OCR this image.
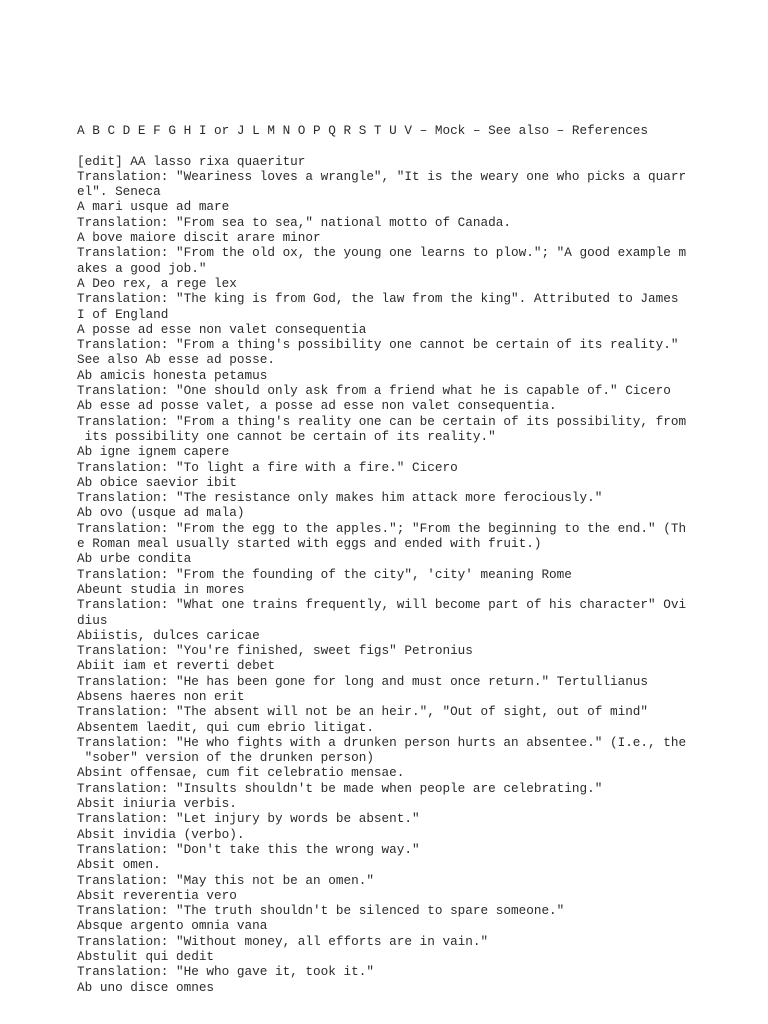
A B C D E F G H I or J L M N O P Q R S T U V – Mock – See also – References
[edit] AA lasso rixa quaeritur
Translation: "Weariness loves a wrangle", "It is the weary one who picks a quarr
el". Seneca
A mari usque ad mare
Translation: "From sea to sea," national motto of Canada.
A bove maiore discit arare minor
Translation: "From the old ox, the young one learns to plow."; "A good example m
akes a good job."
A Deo rex, a rege lex
Translation: "The king is from God, the law from the king". Attributed to James
I of England
A posse ad esse non valet consequentia
Translation: "From a thing's possibility one cannot be certain of its reality."
See also Ab esse ad posse.
Ab amicis honesta petamus
Translation: "One should only ask from a friend what he is capable of." Cicero
Ab esse ad posse valet, a posse ad esse non valet consequentia.
Translation: "From a thing's reality one can be certain of its possibility, from
its possibility one cannot be certain of its reality."
Ab igne ignem capere
Translation: "To light a fire with a fire." Cicero
Ab obice saevior ibit
Translation: "The resistance only makes him attack more ferociously."
Ab ovo (usque ad mala)
Translation: "From the egg to the apples."; "From the beginning to the end." (Th
e Roman meal usually started with eggs and ended with fruit.)
Ab urbe condita
Translation: "From the founding of the city", 'city' meaning Rome
Abeunt studia in mores
Translation: "What one trains frequently, will become part of his character" Ovi
dius
Abiistis, dulces caricae
Translation: "You're finished, sweet figs" Petronius
Abiit iam et reverti debet
Translation: "He has been gone for long and must once return." Tertullianus
Absens haeres non erit
Translation: "The absent will not be an heir.", "Out of sight, out of mind"
Absentem laedit, qui cum ebrio litigat.
Translation: "He who fights with a drunken person hurts an absentee." (I.e., the
"sober" version of the drunken person)
Absint offensae, cum fit celebratio mensae.
Translation: "Insults shouldn't be made when people are celebrating."
Absit iniuria verbis.
Translation: "Let injury by words be absent."
Absit invidia (verbo).
Translation: "Don't take this the wrong way."
Absit omen.
Translation: "May this not be an omen."
Absit reverentia vero
Translation: "The truth shouldn't be silenced to spare someone."
Absque argento omnia vana
Translation: "Without money, all efforts are in vain."
Abstulit qui dedit
Translation: "He who gave it, took it."
Ab uno disce omnes
